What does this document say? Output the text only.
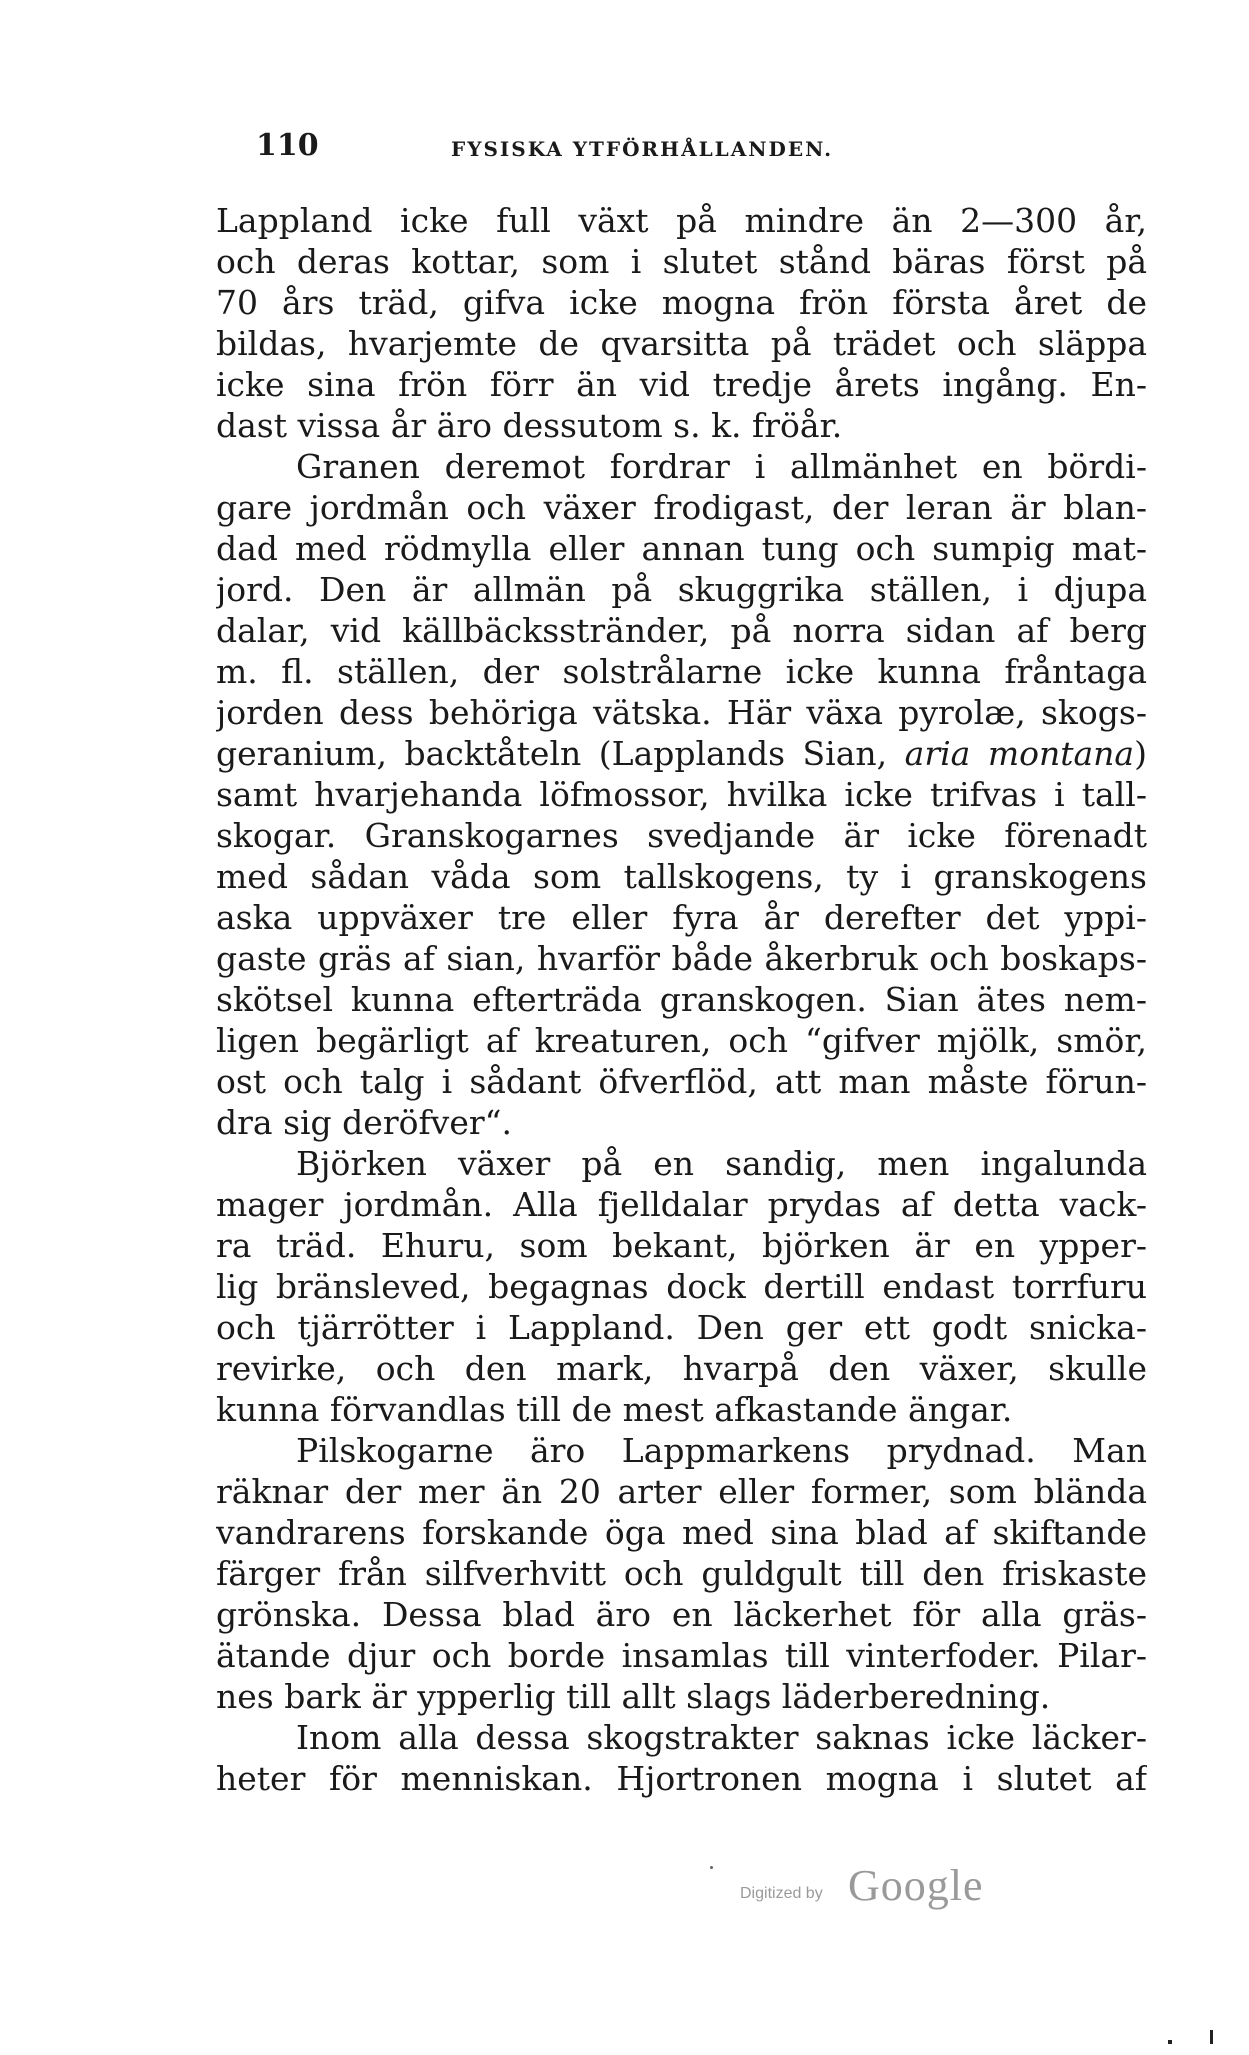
110	FYSISKA YTFÖRHÅLLANDEN.
Lappland icke full växt på mindre än 2—300 år,
och deras kottar, som i slutet stånd bäras först på
70 års träd, gifva icke mogna frön första året de
bildas, hvarjemte de qvarsitta på trädet och släppa
icke sina frön förr än vid tredje årets ingång. En-
dast vissa år äro dessutom s. k. fröår.
Granen deremot fordrar i allmänhet en bördi-
gare jordmån och växer frodigast, der leran är blan-
dad med rödmylla eller annan tung och sumpig mat-
jord. Den är allmän på skuggrika ställen, i djupa
dalar, vid källbäcksstränder, på norra sidan af berg
m. fl. ställen, der solstrålarne icke kunna fråntaga
jorden dess behöriga vätska. Här växa pyrolæ, skogs-
geranium, backtåteln (Lapplands Sian, aria montana)
samt hvarjehanda löfmossor, hvilka icke trifvas i tall-
skogar. Granskogarnes svedjande är icke förenadt
med sådan våda som tallskogens, ty i granskogens
aska uppväxer tre eller fyra år derefter det yppi-
gaste gräs af sian, hvarför både åkerbruk och boskaps-
skötsel kunna efterträda granskogen. Sian ätes nem-
ligen begärligt af kreaturen, och “gifver mjölk, smör,
ost och talg i sådant öfverflöd, att man måste förun-
dra sig deröfver“.
Björken växer på en sandig, men ingalunda
mager jordmån. Alla fjelldalar prydas af detta vack-
ra träd. Ehuru, som bekant, björken är en ypper-
lig bränsleved, begagnas dock dertill endast torrfuru
och tjärrötter i Lappland. Den ger ett godt snicka-
revirke, och den mark, hvarpå den växer, skulle
kunna förvandlas till de mest afkastande ängar.
Pilskogarne äro Lappmarkens prydnad. Man
räknar der mer än 20 arter eller former, som blända
vandrarens forskande öga med sina blad af skiftande
färger från silfverhvitt och guldgult till den friskaste
grönska. Dessa blad äro en läckerhet för alla gräs-
ätande djur och borde insamlas till vinterfoder. Pilar-
nes bark är ypperlig till allt slags läderberedning.
Inom alla dessa skogstrakter saknas icke läcker-
heter för menniskan. Hjortronen mogna i slutet af
Digitized by Google
